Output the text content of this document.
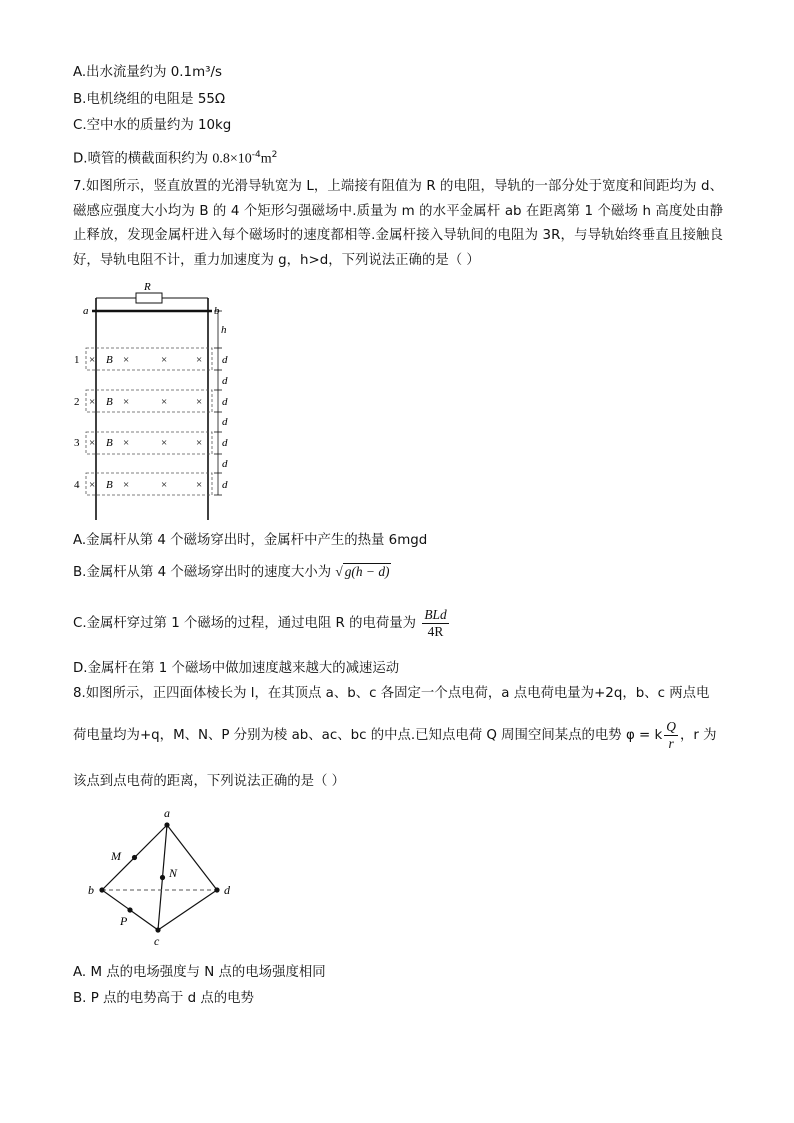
A.出水流量约为 0.1m³/s
B.电机绕组的电阻是 55Ω
C.空中水的质量约为 10kg
D.喷管的横截面积约为 $0.8\times 10^{-4}m^2$
7.如图所示，竖直放置的光滑导轨宽为 L，上端接有阻值为 R 的电阻，导轨的一部分处于宽度和间距均为 d、磁感应强度大小均为 B 的 4 个矩形匀强磁场中.质量为 m 的水平金属杆 ab 在距离第 1 个磁场 h 高度处由静止释放，发现金属杆进入每个磁场时的速度都相等.金属杆接入导轨间的电阻为 3R，与导轨始终垂直且接触良好，导轨电阻不计，重力加速度为 g，h>d，下列说法正确的是（ ）
R
a	b
h
1 × B ×	×	× d
d
2 × B ×	×	× d
d
3 × B ×	×	× d
d
4 × B ×	×	× d
A.金属杆从第 4 个磁场穿出时，金属杆中产生的热量 6mgd
B.金属杆从第 4 个磁场穿出时的速度大小为 √ g(h − d)
C.金属杆穿过第 1 个磁场的过程，通过电阻 R 的电荷量为 $\frac{\text{BLd}}{4R}$
D.金属杆在第 1 个磁场中做加速度越来越大的减速运动
8.如图所示，正四面体棱长为 l，在其顶点 a、b、c 各固定一个点电荷，a 点电荷电量为+2q，b、c 两点电
荷电量均为+q，M、N、P 分别为棱 ab、ac、bc 的中点.已知点电荷 Q 周围空间某点的电势 φ = k $\frac{Q}{r}$ ，r 为
该点到点电荷的距离，下列说法正确的是（ ）
a
b
c
d
M
N
P
A. M 点的电场强度与 N 点的电场强度相同
B. P 点的电势高于 d 点的电势
